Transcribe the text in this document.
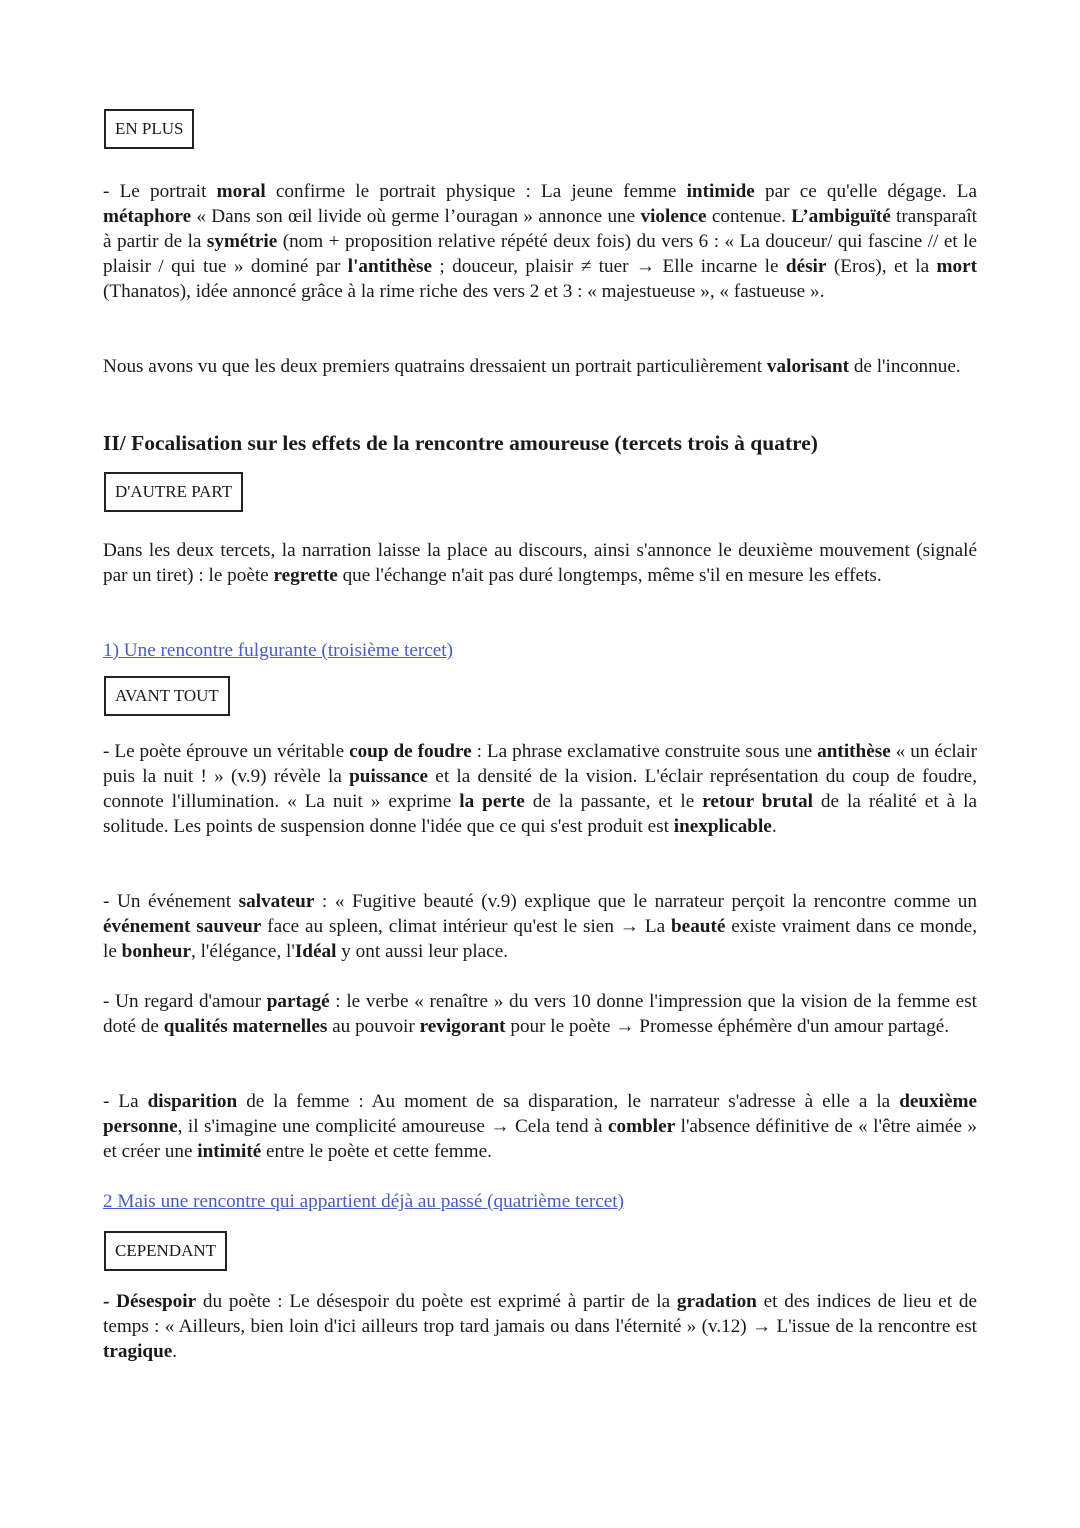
EN PLUS

- Le portrait moral confirme le portrait physique : La jeune femme intimide par ce qu'elle dégage. La métaphore « Dans son œil livide où germe l’ouragan » annonce une violence contenue. L’ambiguïté transparaît à partir de la symétrie (nom + proposition relative répété deux fois) du vers 6 : « La douceur/ qui fascine // et le plaisir / qui tue » dominé par l'antithèse ; douceur, plaisir ≠ tuer → Elle incarne le désir (Eros), et la mort (Thanatos), idée annoncé grâce à la rime riche des vers 2 et 3 : « majestueuse », « fastueuse ».

Nous avons vu que les deux premiers quatrains dressaient un portrait particulièrement valorisant de l'inconnue.

II/ Focalisation sur les effets de la rencontre amoureuse (tercets trois à quatre)
D'AUTRE PART

Dans les deux tercets, la narration laisse la place au discours, ainsi s'annonce le deuxième mouvement (signalé par un tiret) : le poète regrette que l'échange n'ait pas duré longtemps, même s'il en mesure les effets.

1) Une rencontre fulgurante (troisième tercet)

AVANT TOUT

- Le poète éprouve un véritable coup de foudre : La phrase exclamative construite sous une antithèse « un éclair puis la nuit ! » (v.9) révèle la puissance et la densité de la vision. L'éclair représentation du coup de foudre, connote l'illumination. « La nuit » exprime la perte de la passante, et le retour brutal de la réalité et à la solitude. Les points de suspension donne l'idée que ce qui s'est produit est inexplicable.

- Un événement salvateur : « Fugitive beauté (v.9) explique que le narrateur perçoit la rencontre comme un événement sauveur face au spleen, climat intérieur qu'est le sien → La beauté existe vraiment dans ce monde, le bonheur, l'élégance, l'Idéal y ont aussi leur place.

- Un regard d'amour partagé : le verbe « renaître » du vers 10 donne l'impression que la vision de la femme est doté de qualités maternelles au pouvoir revigorant pour le poète → Promesse éphémère d'un amour partagé.

- La disparition de la femme : Au moment de sa disparation, le narrateur s'adresse à elle a la deuxième personne, il s'imagine une complicité amoureuse → Cela tend à combler l'absence définitive de « l'être aimée » et créer une intimité entre le poète et cette femme.

2 Mais une rencontre qui appartient déjà au passé (quatrième tercet)

CEPENDANT

- Désespoir du poète : Le désespoir du poète est exprimé à partir de la gradation et des indices de lieu et de temps : « Ailleurs, bien loin d'ici ailleurs trop tard jamais ou dans l'éternité » (v.12) → L'issue de la rencontre est tragique.
